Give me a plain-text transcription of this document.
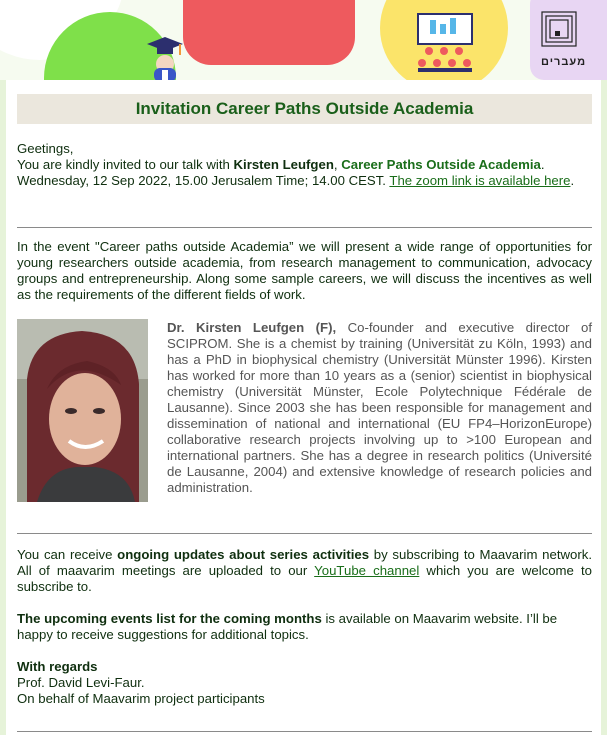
מעברים
Invitation Career Paths Outside Academia

Geetings,

You are kindly invited to our talk with Kirsten Leufgen, Career Paths Outside Academia.

Wednesday, 12 Sep 2022, 15.00 Jerusalem Time; 14.00 CEST. The zoom link is available here.

In the event "Career paths outside Academia” we will present a wide range of opportunities for young researchers outside academia, from research management to communication, advocacy groups and entrepreneurship. Along some sample careers, we will discuss the incentives as well as the requirements of the different fields of work.

Dr. Kirsten Leufgen (F), Co-founder and executive director of SCIPROM. She is a chemist by training (Universität zu Köln, 1993) and has a PhD in biophysical chemistry (Universität Münster 1996). Kirsten has worked for more than 10 years as a (senior) scientist in biophysical chemistry (Universität Münster, Ecole Polytechnique Fédérale de Lausanne). Since 2003 she has been responsible for management and dissemination of national and international (EU FP4–HorizonEurope) collaborative research projects involving up to >100 European and international partners. She has a degree in research politics (Université de Lausanne, 2004) and extensive knowledge of research policies and administration.

You can receive ongoing updates about series activities by subscribing to Maavarim network. All of maavarim meetings are uploaded to our YouTube channel which you are welcome to subscribe to.

The upcoming events list for the coming months is available on Maavarim website. I’ll be happy to receive suggestions for additional topics.

With regards

Prof. David Levi-Faur.

On behalf of Maavarim project participants
